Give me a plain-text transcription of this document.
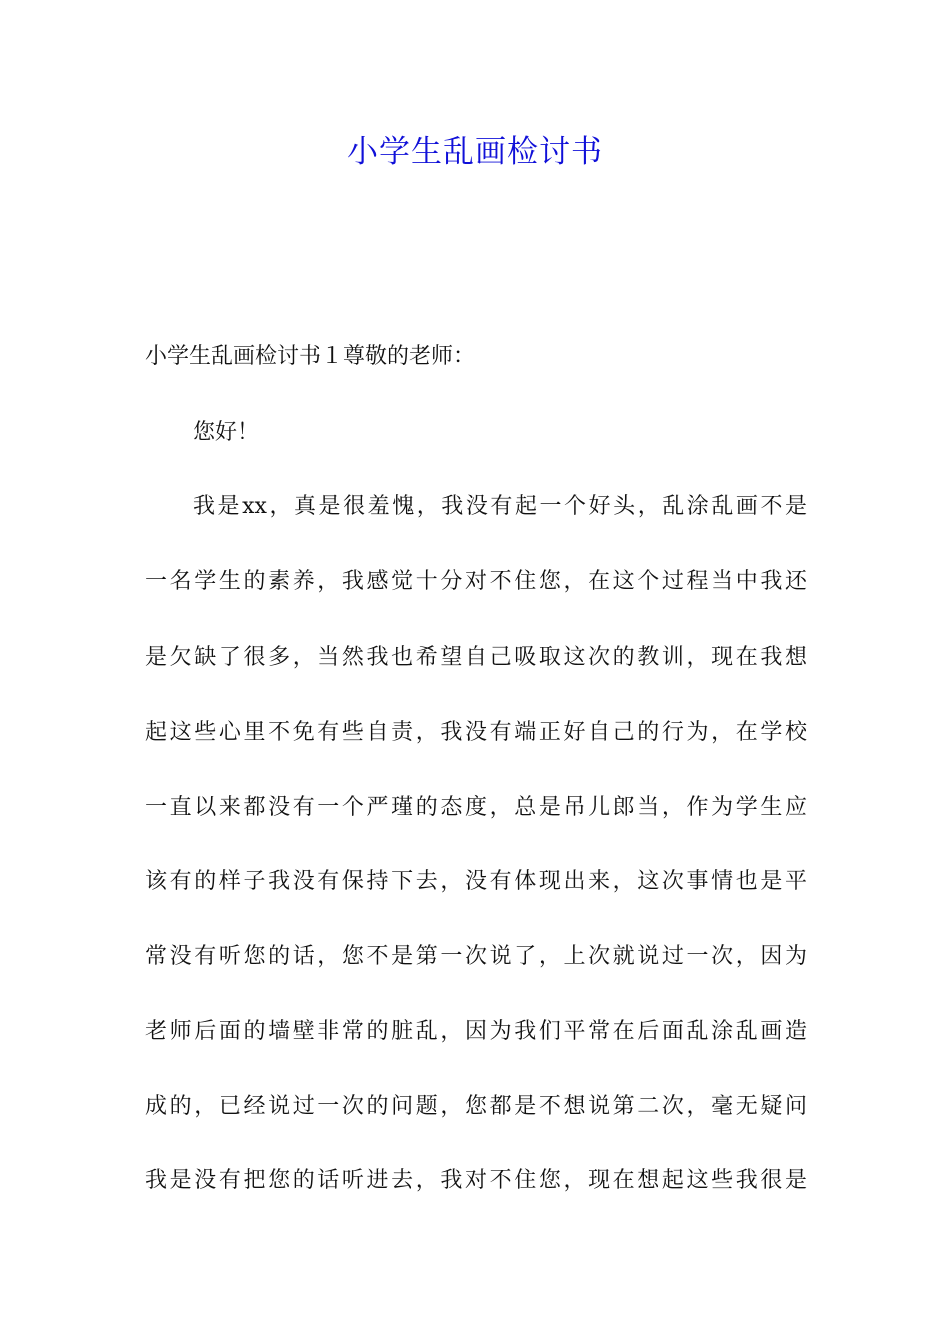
小学生乱画检讨书

小学生乱画检讨书１尊敬的老师：

您好！

我是xx，真是很羞愧，我没有起一个好头，乱涂乱画不是

一名学生的素养，我感觉十分对不住您，在这个过程当中我还

是欠缺了很多，当然我也希望自己吸取这次的教训，现在我想

起这些心里不免有些自责，我没有端正好自己的行为，在学校

一直以来都没有一个严瑾的态度，总是吊儿郎当，作为学生应

该有的样子我没有保持下去，没有体现出来，这次事情也是平

常没有听您的话，您不是第一次说了，上次就说过一次，因为

老师后面的墙壁非常的脏乱，因为我们平常在后面乱涂乱画造

成的，已经说过一次的问题，您都是不想说第二次，毫无疑问

我是没有把您的话听进去，我对不住您，现在想起这些我很是
